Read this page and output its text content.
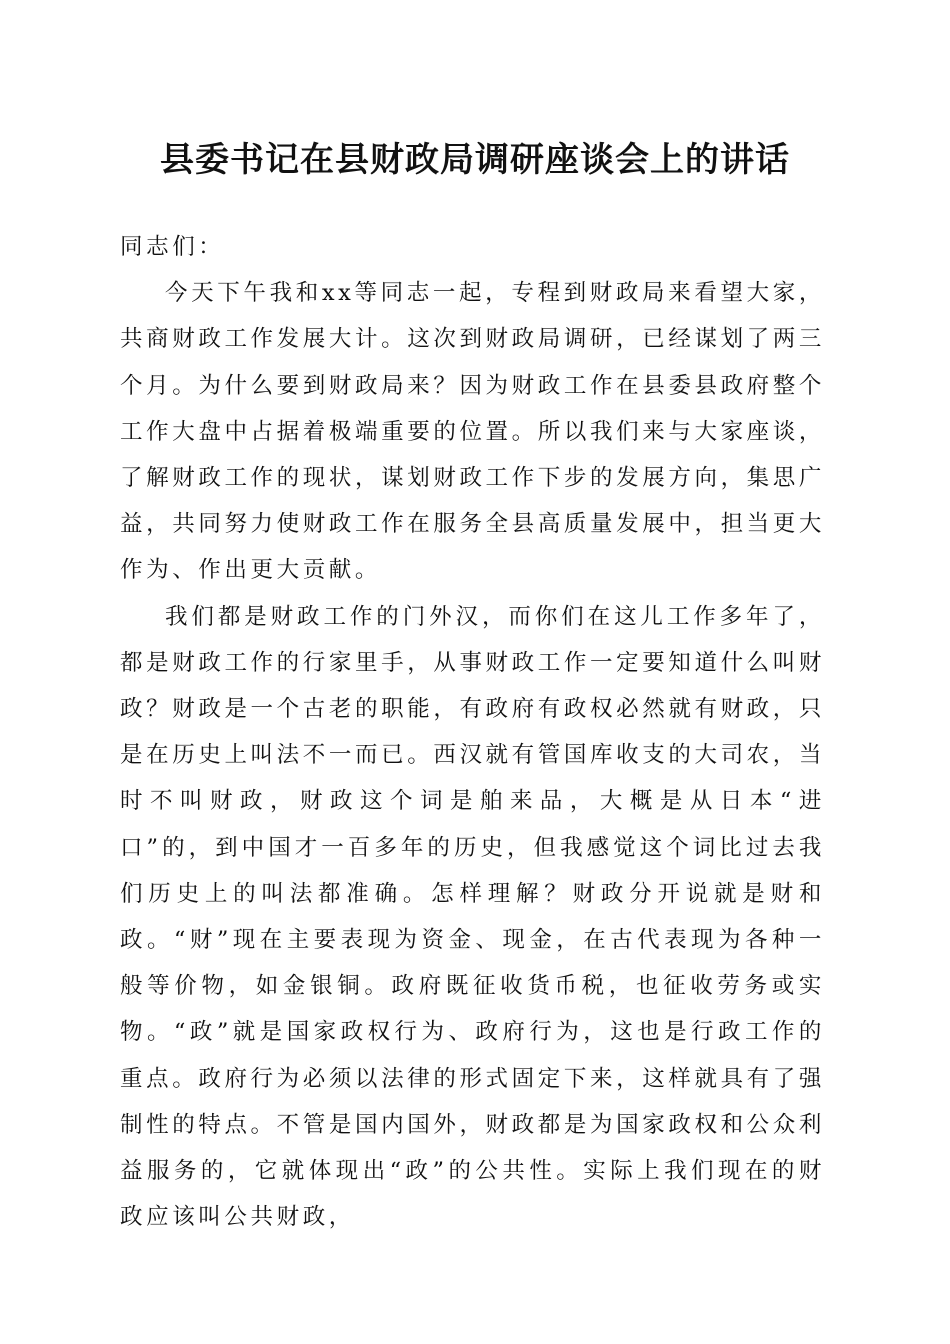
县委书记在县财政局调研座谈会上的讲话

同志们：

今天下午我和xx等同志一起，专程到财政局来看望大家，共商财政工作发展大计。这次到财政局调研，已经谋划了两三个月。为什么要到财政局来？因为财政工作在县委县政府整个工作大盘中占据着极端重要的位置。所以我们来与大家座谈，了解财政工作的现状，谋划财政工作下步的发展方向，集思广益，共同努力使财政工作在服务全县高质量发展中，担当更大作为、作出更大贡献。

我们都是财政工作的门外汉，而你们在这儿工作多年了，都是财政工作的行家里手，从事财政工作一定要知道什么叫财政？财政是一个古老的职能，有政府有政权必然就有财政，只是在历史上叫法不一而已。西汉就有管国库收支的大司农，当时不叫财政，财政这个词是舶来品，大概是从日本“进口”的，到中国才一百多年的历史，但我感觉这个词比过去我们历史上的叫法都准确。怎样理解？财政分开说就是财和政。“财”现在主要表现为资金、现金，在古代表现为各种一般等价物，如金银铜。政府既征收货币税，也征收劳务或实物。“政”就是国家政权行为、政府行为，这也是行政工作的重点。政府行为必须以法律的形式固定下来，这样就具有了强制性的特点。不管是国内国外，财政都是为国家政权和公众利益服务的，它就体现出“政”的公共性。实际上我们现在的财政应该叫公共财政，
